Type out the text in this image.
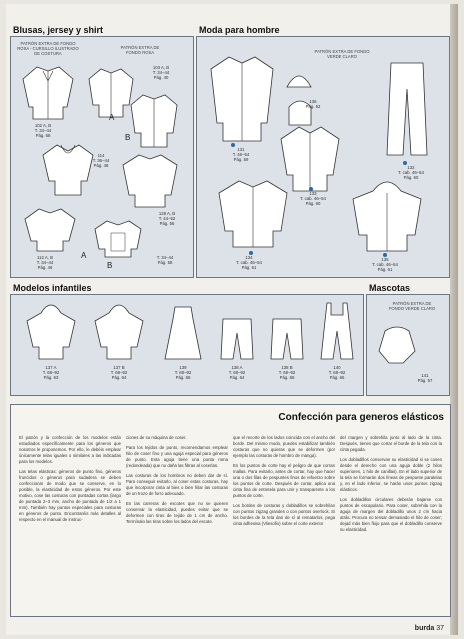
Blusas, jersey y shirt
PATRÓN EXTRA DE FONDO ROSA - CURSILLO ILUSTRADO DE COSTURA
PATRÓN EXTRA DE FONDO ROSA
102 A, B
T. 34–44
Pág. 68
A
103 A, B
T. 34–44
Pág. 40
B
114
T. 36–44
Pág. 48
128 A, B
T. 44–52
Pág. 56
112 A, B
T. 34–44
Pág. 46
A
B
T. 34–44
Pág. 58
Moda para hombre
PATRÓN EXTRA DE FONDO VERDE CLARO
131
T. 46–54
Pág. 59
136
Pág. 62
132
T. cab. 46–54
Pág. 60
133
T. cab. 46–54
Pág. 60
134
T. cab. 46–54
Pág. 61
135
T. cab. 46–54
Pág. 61
Modelos infantiles
137 A
T. 68–92
Pág. 63
137 B
T. 68–92
Pág. 64
139
T. 68–92
Pág. 65
138 A
T. 68–92
Pág. 64
138 B
T. 68–92
Pág. 65
140
T. 68–92
Pág. 66
Mascotas
PATRÓN EXTRA DE FONDO VERDE CLARO
141
Pág. 57
Confección para generos elásticos

El patrón y la confección de los modelos están estudiados específicamente para los géneros que nosotros le proponemos. Por ello, le debéis emplear únicamente telas iguales o similares a las indicadas para los modelos.

Las telas elásticas: géneros de punto fino, géneros fruncidos o géneros para sudadera se deben confeccionar de modo que se conserve, en lo posible, la elasticidad de estos géneros. Por este motivo, cose las costuras con puntadas cortas (largo de puntada 2–3 mm, ancho de puntada de 1/2 a 1 mm). También hay puntos especiales para costuras en géneros de punto. Encontraréis más detalles al respecto en el manual de instruc-

ciones de su máquina de coser.

Para los tejidos de punto, recomendamos emplear hilo de coser fino y una aguja especial para géneros de punto. Esta aguja tiene una punta roma (redondeada) que no daña las fibras al coserlas.

Las costuras de los hombros no deben dar de sí. Para conseguir evitarlo, al coser estas costuras, hay que incorporar cinta al bies o bien hilar las costuras de un trozo de forro adecuado.

En las carreras de escotes que no se quieren conservar la elasticidad, puedes evitar que se deformen con tiras de tejido de 1 cm de ancho. Termínalo las tiras sobre los lados del escote.

que el recorte de los lados coincida con el ancho del borde. Del mismo modo, puedes estabilizar también costuras que no quieras que se deformen (por ejemplo las costuras de hombro de manga).

En los puntos de corte hay el peligro de que corran mallas. Para evitarlo, antes de cortar, hay que hacer una o dos filas de pespuntes finos de refuerzo sobre los puntos de corte. Después de cortar, aplica una cinta fina de entretela para unir y transparente a los puntos de corte.

Los bordes de costuras y dobladillos se sobrehilan con puntos zigzag grandes o con puntos overlock. Si los bordes de la tela dan de sí al rematarlos, pega cinta adhesiva (Vliesofix) sobre el corte exterior

del margen y sobrehila junto al lado de la cinta. Después, tienes que cortar el borde de la tela con la cinta pegada.

Los dobladillos conservan su elasticidad si se cosen desde el derecho con una aguja doble (2 hilos superiores, 1 hilo de canillas). En el lado superior de la tela se formarán dos líneas de pespunte paralelas y, en el lado inferior, se harán unos puntos zigzag elásticos.

Los dobladillos circulares deberán bajarse con puntos de escapulario. Para coser, sobrehila con la aguja de margen del dobladillo unos 2 cm hacia atrás. Procura no tensar demasiado el hilo de coser; dejad más bien flojo para que el dobladillo conserve su elasticidad.

burda 37
